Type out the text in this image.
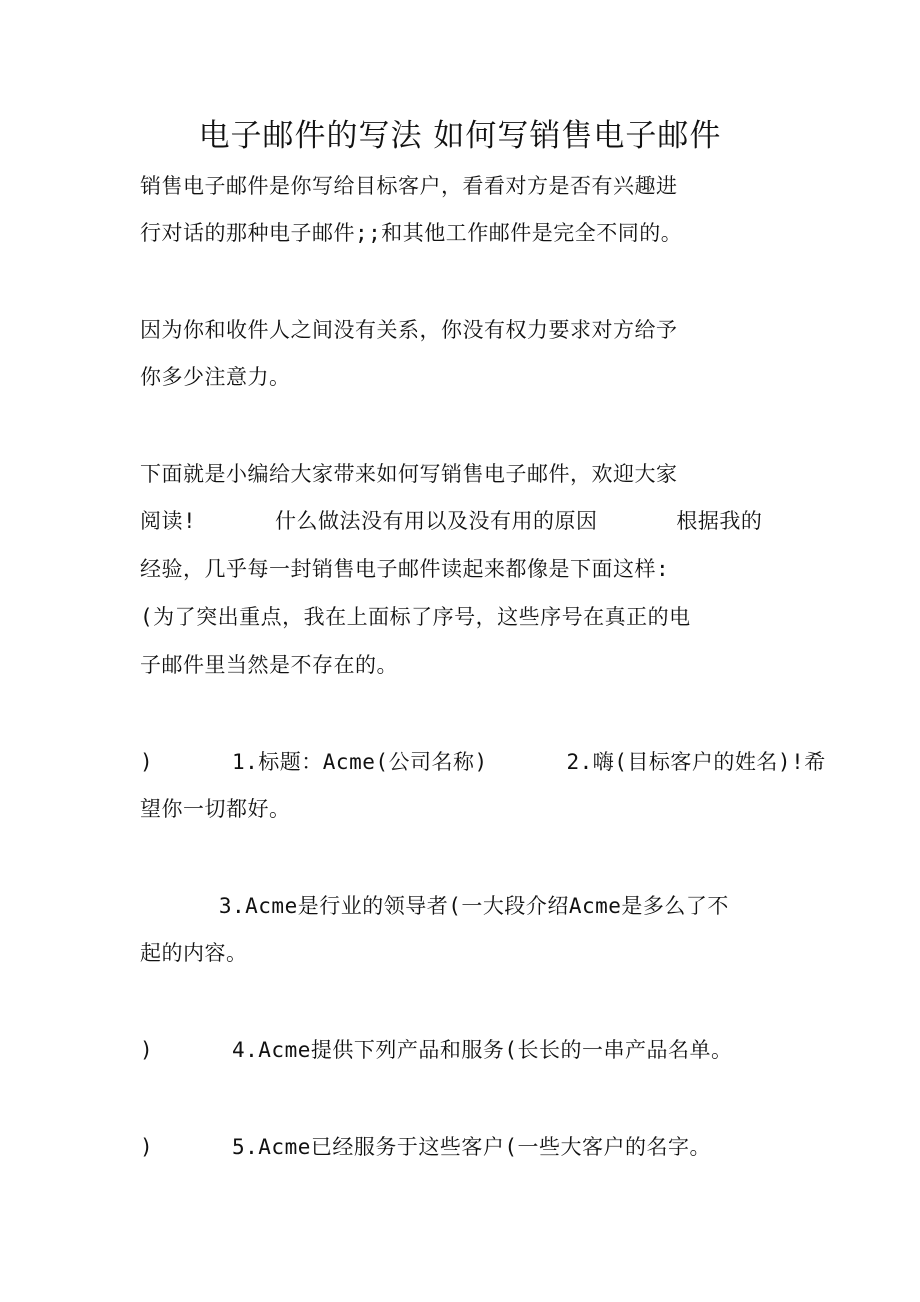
电子邮件的写法 如何写销售电子邮件
销售电子邮件是你写给目标客户，看看对方是否有兴趣进
行对话的那种电子邮件;;和其他工作邮件是完全不同的。
因为你和收件人之间没有关系，你没有权力要求对方给予
你多少注意力。
下面就是小编给大家带来如何写销售电子邮件，欢迎大家
阅读!      什么做法没有用以及没有用的原因      根据我的
经验，几乎每一封销售电子邮件读起来都像是下面这样:
(为了突出重点，我在上面标了序号，这些序号在真正的电
子邮件里当然是不存在的。
)      1.标题：Acme(公司名称)      2.嗨(目标客户的姓名)!希
望你一切都好。
3.Acme是行业的领导者(一大段介绍Acme是多么了不
起的内容。
)      4.Acme提供下列产品和服务(长长的一串产品名单。
)      5.Acme已经服务于这些客户(一些大客户的名字。
